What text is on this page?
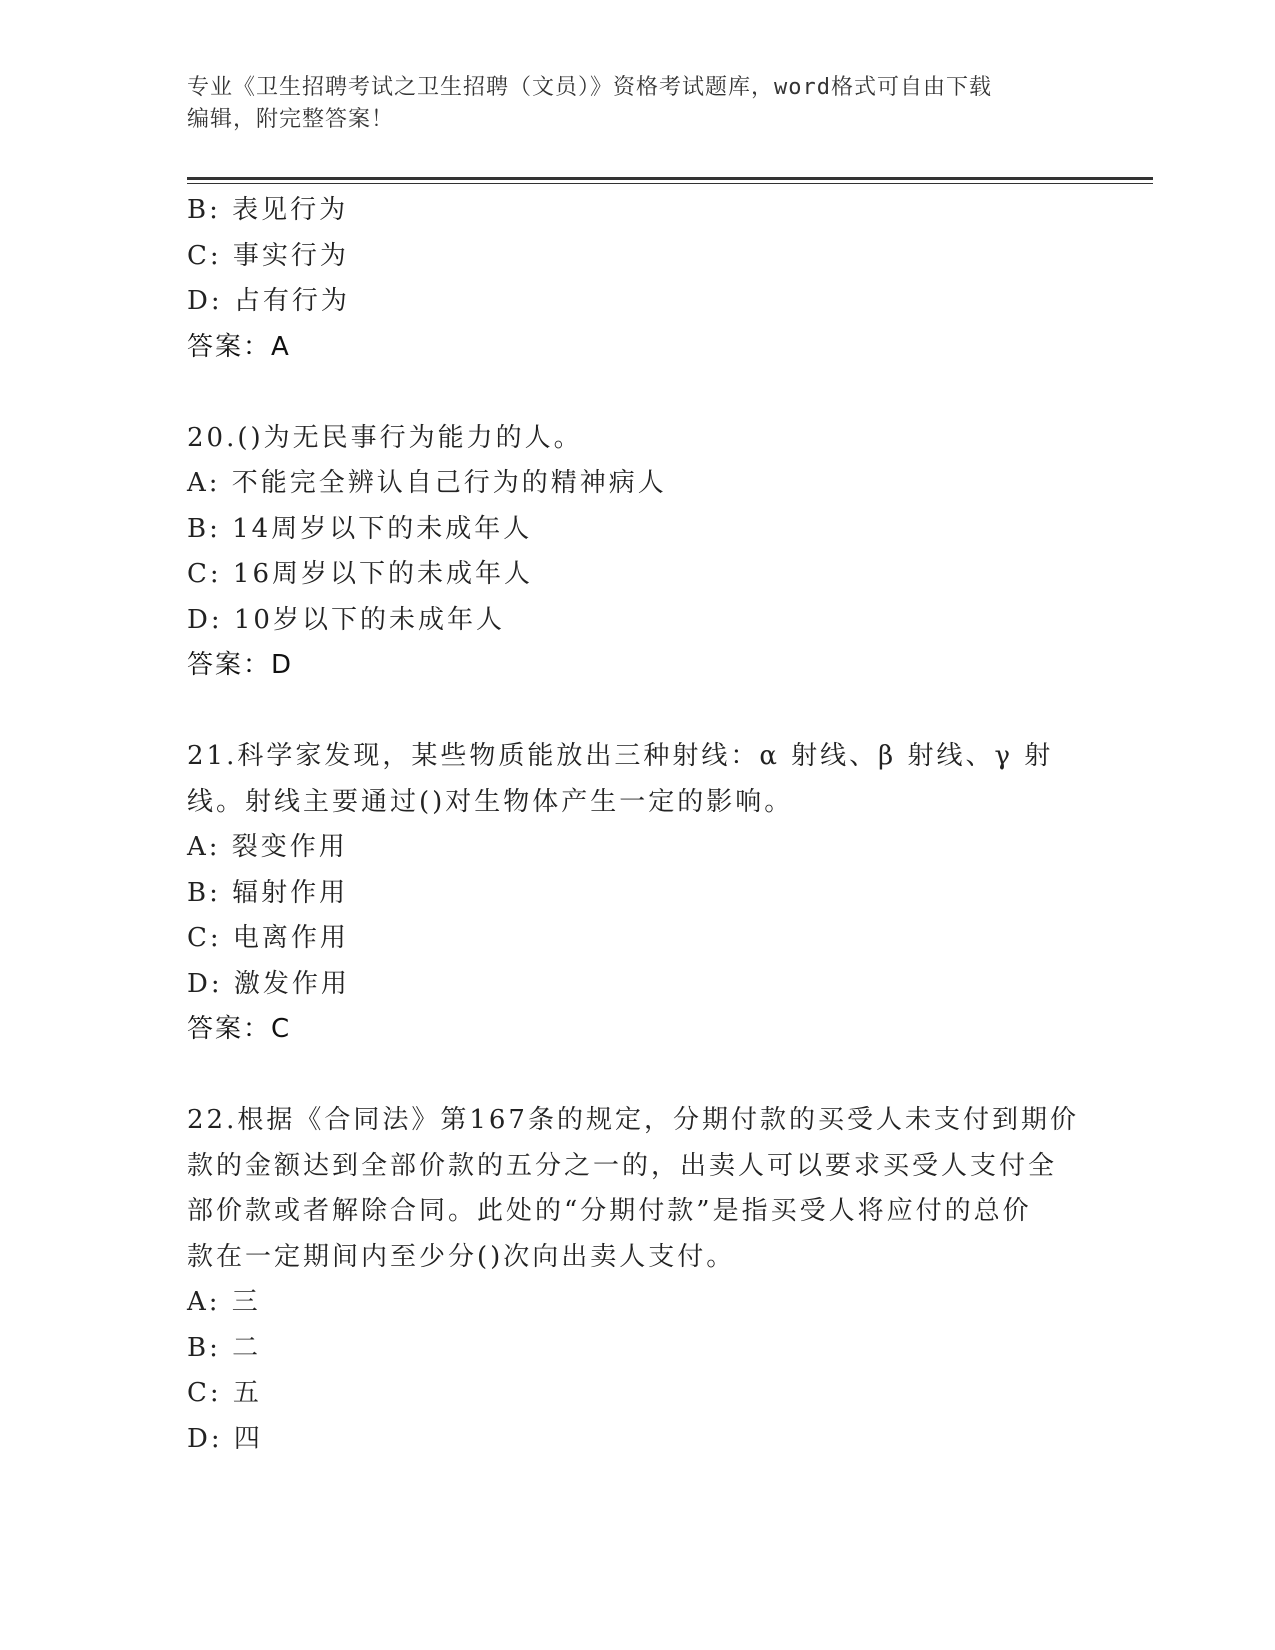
专业《卫生招聘考试之卫生招聘（文员）》资格考试题库，word格式可自由下载
编辑，附完整答案！
B: 表见行为
C: 事实行为
D: 占有行为
答案：A
20.()为无民事行为能力的人。
A: 不能完全辨认自己行为的精神病人
B: 14周岁以下的未成年人
C: 16周岁以下的未成年人
D: 10岁以下的未成年人
答案：D
21.科学家发现，某些物质能放出三种射线：α 射线、β 射线、γ 射
线。射线主要通过()对生物体产生一定的影响。
A: 裂变作用
B: 辐射作用
C: 电离作用
D: 激发作用
答案：C
22.根据《合同法》第167条的规定，分期付款的买受人未支付到期价
款的金额达到全部价款的五分之一的，出卖人可以要求买受人支付全
部价款或者解除合同。此处的“分期付款”是指买受人将应付的总价
款在一定期间内至少分()次向出卖人支付。
A: 三
B: 二
C: 五
D: 四
